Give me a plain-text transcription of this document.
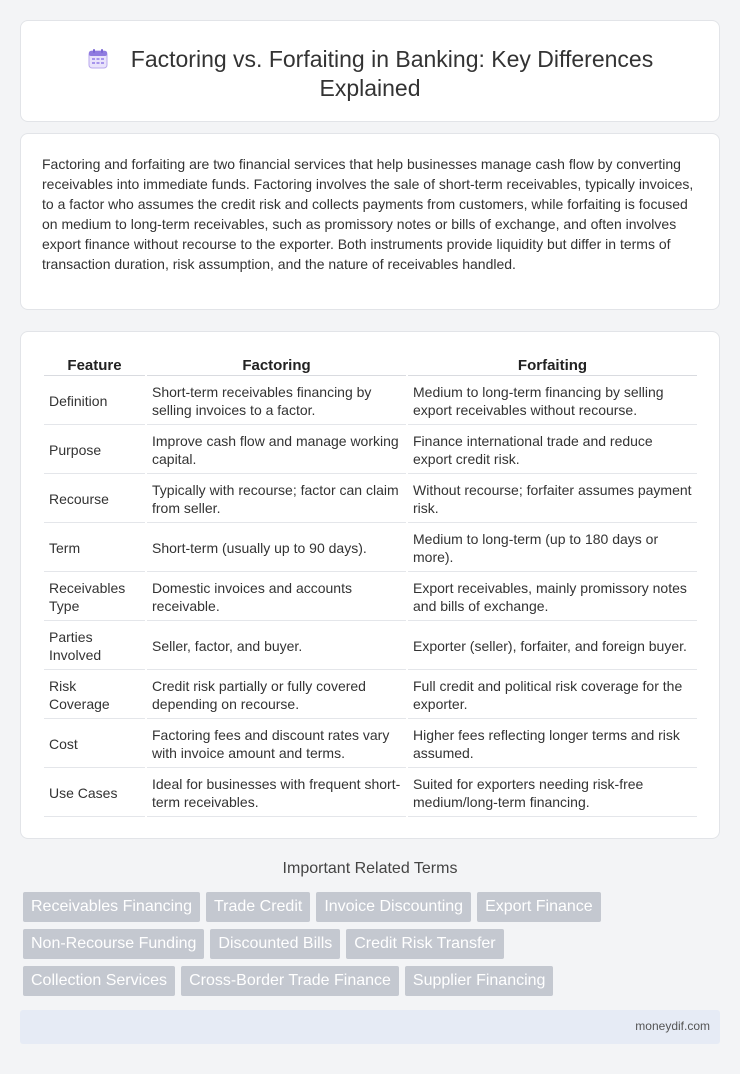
Factoring vs. Forfaiting in Banking: Key Differences Explained

Factoring and forfaiting are two financial services that help businesses manage cash flow by converting receivables into immediate funds. Factoring involves the sale of short-term receivables, typically invoices, to a factor who assumes the credit risk and collects payments from customers, while forfaiting is focused on medium to long-term receivables, such as promissory notes or bills of exchange, and often involves export finance without recourse to the exporter. Both instruments provide liquidity but differ in terms of transaction duration, risk assumption, and the nature of receivables handled.

Feature	Factoring	Forfaiting
Definition	Short-term receivables financing by selling invoices to a factor.	Medium to long-term financing by selling export receivables without recourse.
Purpose	Improve cash flow and manage working capital.	Finance international trade and reduce export credit risk.
Recourse	Typically with recourse; factor can claim from seller.	Without recourse; forfaiter assumes payment risk.
Term	Short-term (usually up to 90 days).	Medium to long-term (up to 180 days or more).
Receivables Type	Domestic invoices and accounts receivable.	Export receivables, mainly promissory notes and bills of exchange.
Parties Involved	Seller, factor, and buyer.	Exporter (seller), forfaiter, and foreign buyer.
Risk Coverage	Credit risk partially or fully covered depending on recourse.	Full credit and political risk coverage for the exporter.
Cost	Factoring fees and discount rates vary with invoice amount and terms.	Higher fees reflecting longer terms and risk assumed.
Use Cases	Ideal for businesses with frequent short-term receivables.	Suited for exporters needing risk-free medium/long-term financing.
Important Related Terms
Receivables Financing	Trade Credit	Invoice Discounting	Export Finance
Non-Recourse Funding	Discounted Bills	Credit Risk Transfer
Collection Services	Cross-Border Trade Finance	Supplier Financing
moneydif.com
